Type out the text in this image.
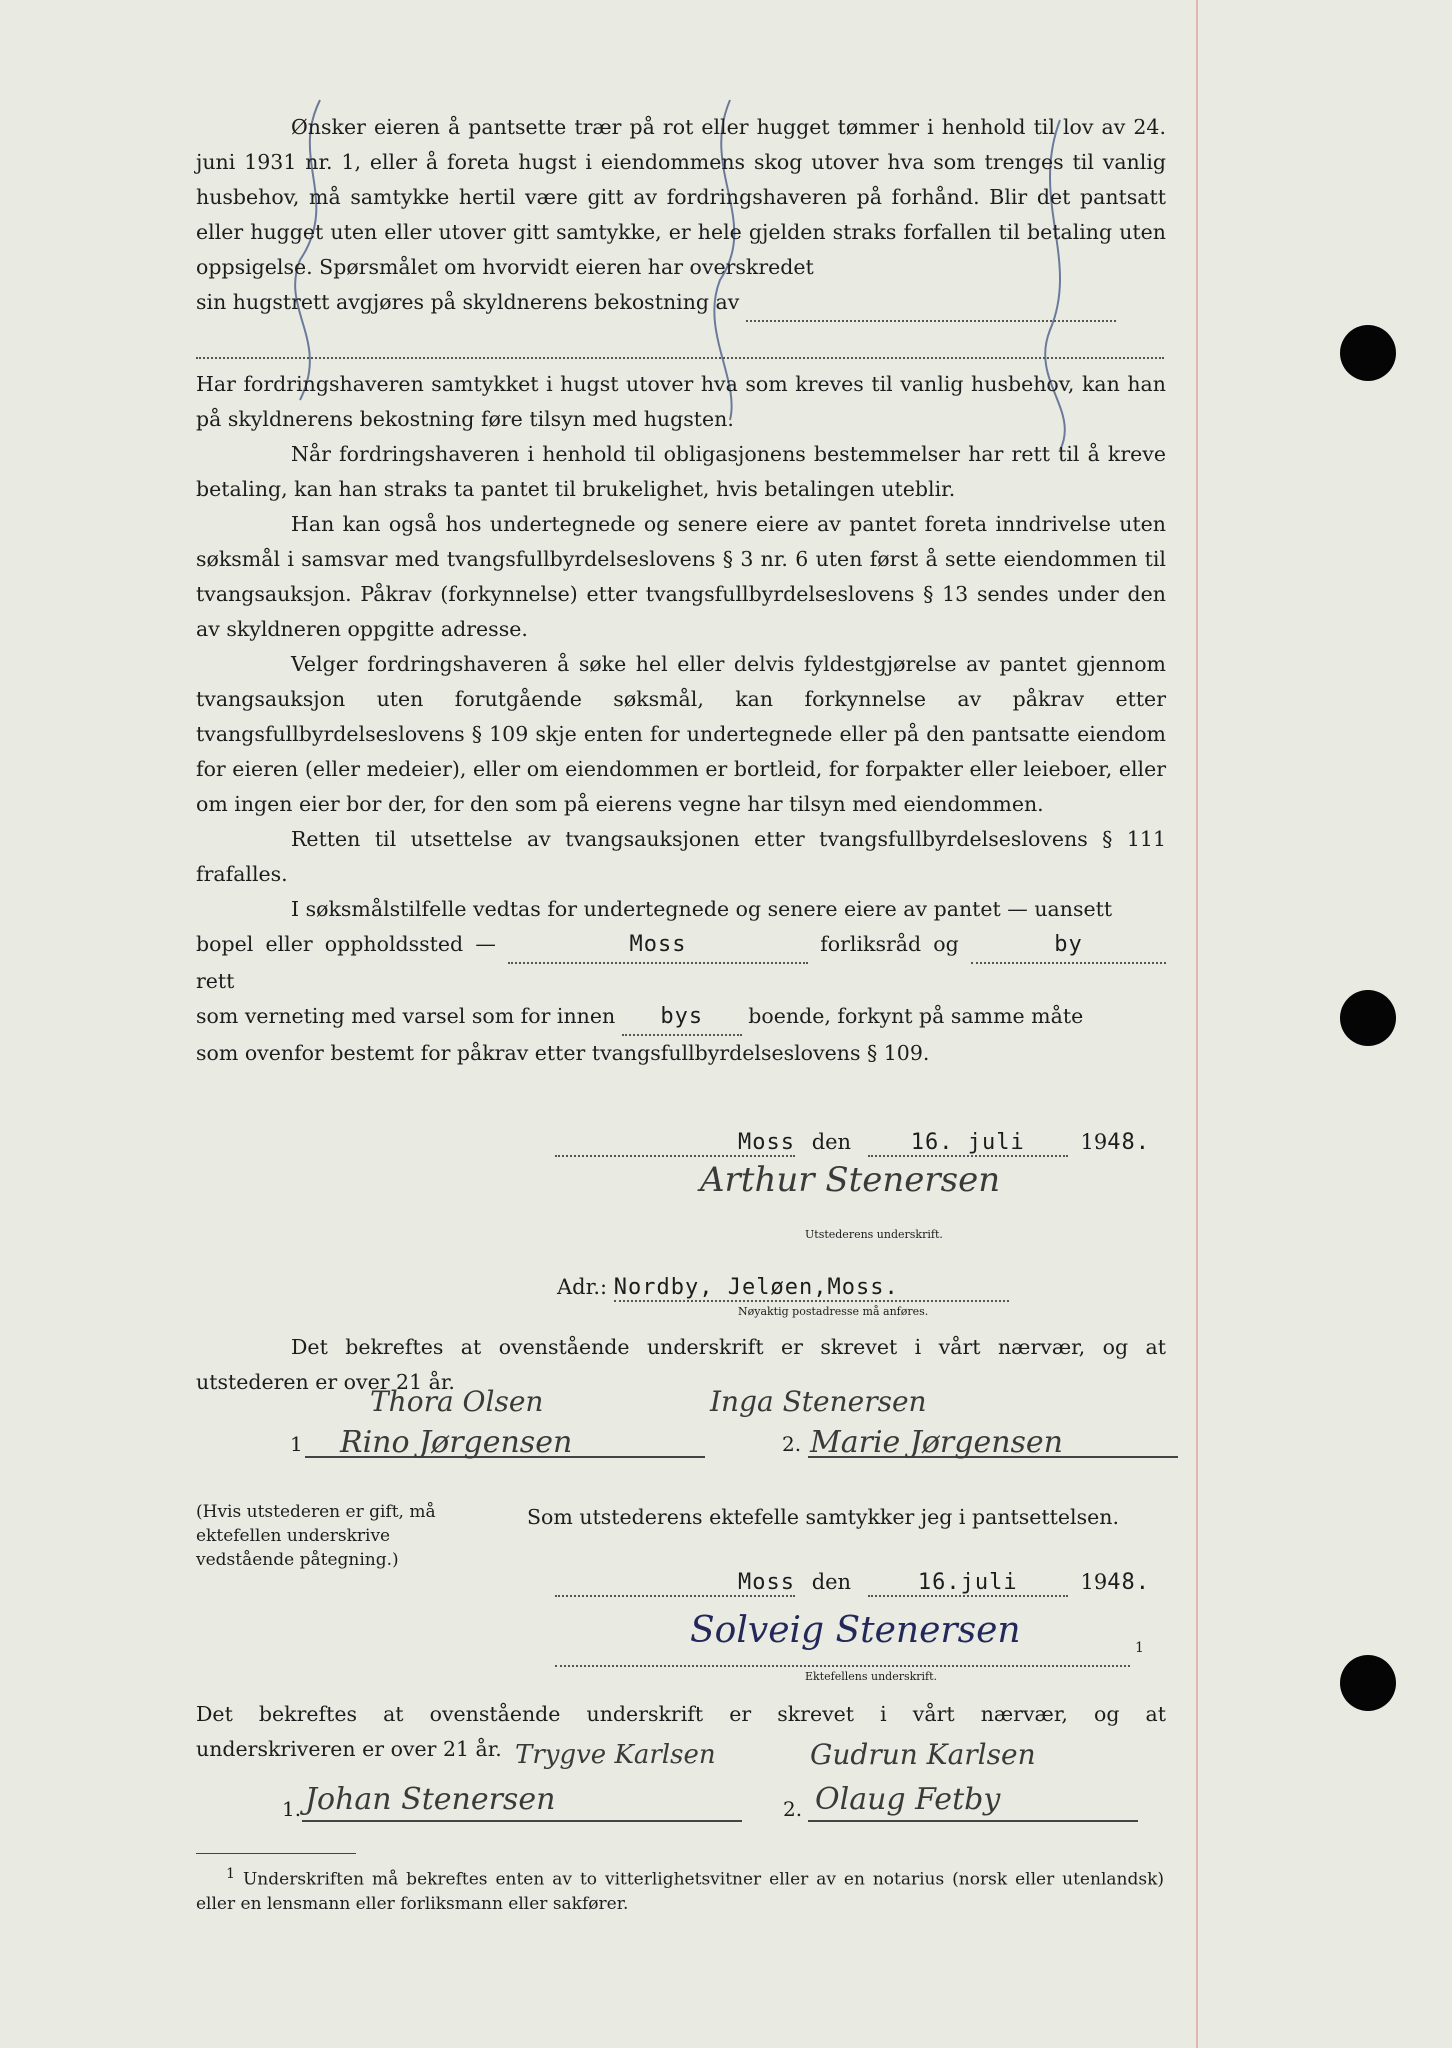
Ønsker eieren å pantsette trær på rot eller hugget tømmer i henhold til lov av 24. juni 1931 nr. 1, eller å foreta hugst i eiendommens skog utover hva som trenges til vanlig husbehov, må samtykke hertil være gitt av fordringshaveren på forhånd. Blir det pantsatt eller hugget uten eller utover gitt samtykke, er hele gjelden straks forfallen til betaling uten oppsigelse. Spørsmålet om hvorvidt eieren har overskredet

sin hugstrett avgjøres på skyldnerens bekostning av

Har fordringshaveren samtykket i hugst utover hva som kreves til vanlig husbehov, kan han på skyldnerens bekostning føre tilsyn med hugsten.

Når fordringshaveren i henhold til obligasjonens bestemmelser har rett til å kreve betaling, kan han straks ta pantet til brukelighet, hvis betalingen uteblir.

Han kan også hos undertegnede og senere eiere av pantet foreta inndrivelse uten søksmål i samsvar med tvangsfullbyrdelseslovens § 3 nr. 6 uten først å sette eiendommen til tvangsauksjon. Påkrav (forkynnelse) etter tvangsfullbyrdelseslovens § 13 sendes under den av skyldneren oppgitte adresse.

Velger fordringshaveren å søke hel eller delvis fyldestgjørelse av pantet gjennom tvangsauksjon uten forutgående søksmål, kan forkynnelse av påkrav etter tvangsfullbyrdelseslovens § 109 skje enten for undertegnede eller på den pantsatte eiendom for eieren (eller medeier), eller om eiendommen er bortleid, for forpakter eller leieboer, eller om ingen eier bor der, for den som på eierens vegne har tilsyn med eiendommen.

Retten til utsettelse av tvangsauksjonen etter tvangsfullbyrdelseslovens § 111 frafalles.

I søksmålstilfelle vedtas for undertegnede og senere eiere av pantet — uansett

bopel eller oppholdssted —	Moss	forliksråd og	by rett

som verneting med varsel som for innen bys boende, forkynt på samme måte

som ovenfor bestemt for påkrav etter tvangsfullbyrdelseslovens § 109.

Moss den	16. juli	1948.
Arthur Stenersen
Utstederens underskrift.
Adr.: Nordby, Jeløen,Moss.
Nøyaktig postadresse må anføres.
Det bekreftes at ovenstående underskrift er skrevet i vårt nærvær, og at
utstederen er over 21 år.
Thora Olsen	Inga Stenersen
1 Rino Jørgensen	2. Marie Jørgensen
(Hvis utstederen er gift, må ektefellen underskrive vedstående påtegning.)
Som utstederens ektefelle samtykker jeg i pantsettelsen.
Moss den	16.juli	1948.
Solveig Stenersen	1
Ektefellens underskrift.
Det bekreftes at ovenstående underskrift er skrevet i vårt nærvær, og at
underskriveren er over 21 år. Trygve Karlsen	Gudrun Karlsen
1. Johan Stenersen	2. Olaug Fetby
$^1$ Underskriften må bekreftes enten av to vitterlighetsvitner eller av en notarius (norsk eller utenlandsk) eller en lensmann eller forliksmann eller sakfører.
